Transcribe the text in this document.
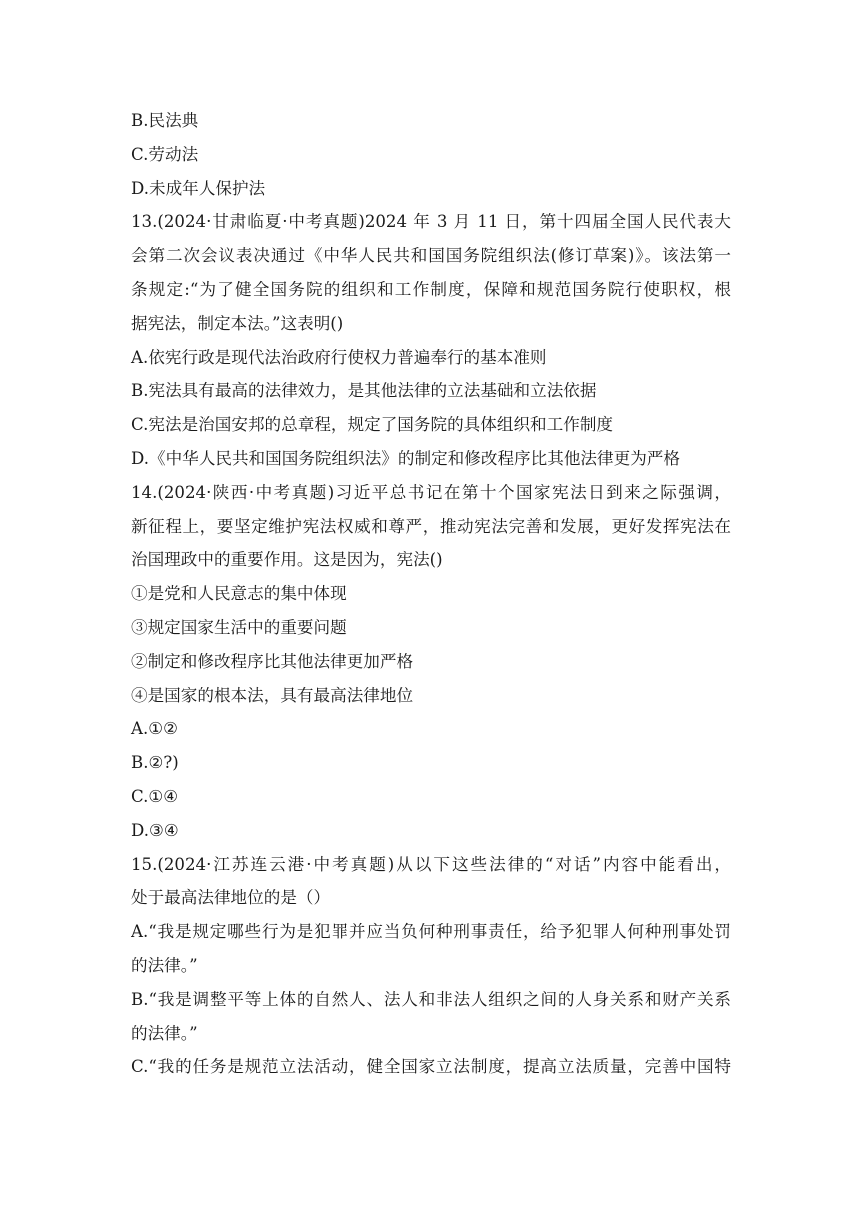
B.民法典
C.劳动法
D.未成年人保护法
13.(2024·甘肃临夏·中考真题)2024 年 3 月 11 日，第十四届全国人民代表大
会第二次会议表决通过《中华人民共和国国务院组织法(修订草案)》。该法第一
条规定:“为了健全国务院的组织和工作制度，保障和规范国务院行使职权，根
据宪法，制定本法。”这表明()
A.依宪行政是现代法治政府行使权力普遍奉行的基本准则
B.宪法具有最高的法律效力，是其他法律的立法基础和立法依据
C.宪法是治国安邦的总章程，规定了国务院的具体组织和工作制度
D.《中华人民共和国国务院组织法》的制定和修改程序比其他法律更为严格
14.(2024·陕西·中考真题)习近平总书记在第十个国家宪法日到来之际强调，
新征程上，要坚定维护宪法权威和尊严，推动宪法完善和发展，更好发挥宪法在
治国理政中的重要作用。这是因为，宪法()
①是党和人民意志的集中体现
③规定国家生活中的重要问题
②制定和修改程序比其他法律更加严格
④是国家的根本法，具有最高法律地位
A.①②
B.②?)
C.①④
D.③④
15.(2024·江苏连云港·中考真题)从以下这些法律的“对话”内容中能看出，
处于最高法律地位的是（）
A.“我是规定哪些行为是犯罪并应当负何种刑事责任，给予犯罪人何种刑事处罚
的法律。”
B.“我是调整平等上体的自然人、法人和非法人组织之间的人身关系和财产关系
的法律。”
C.“我的任务是规范立法活动，健全国家立法制度，提高立法质量，完善中国特
